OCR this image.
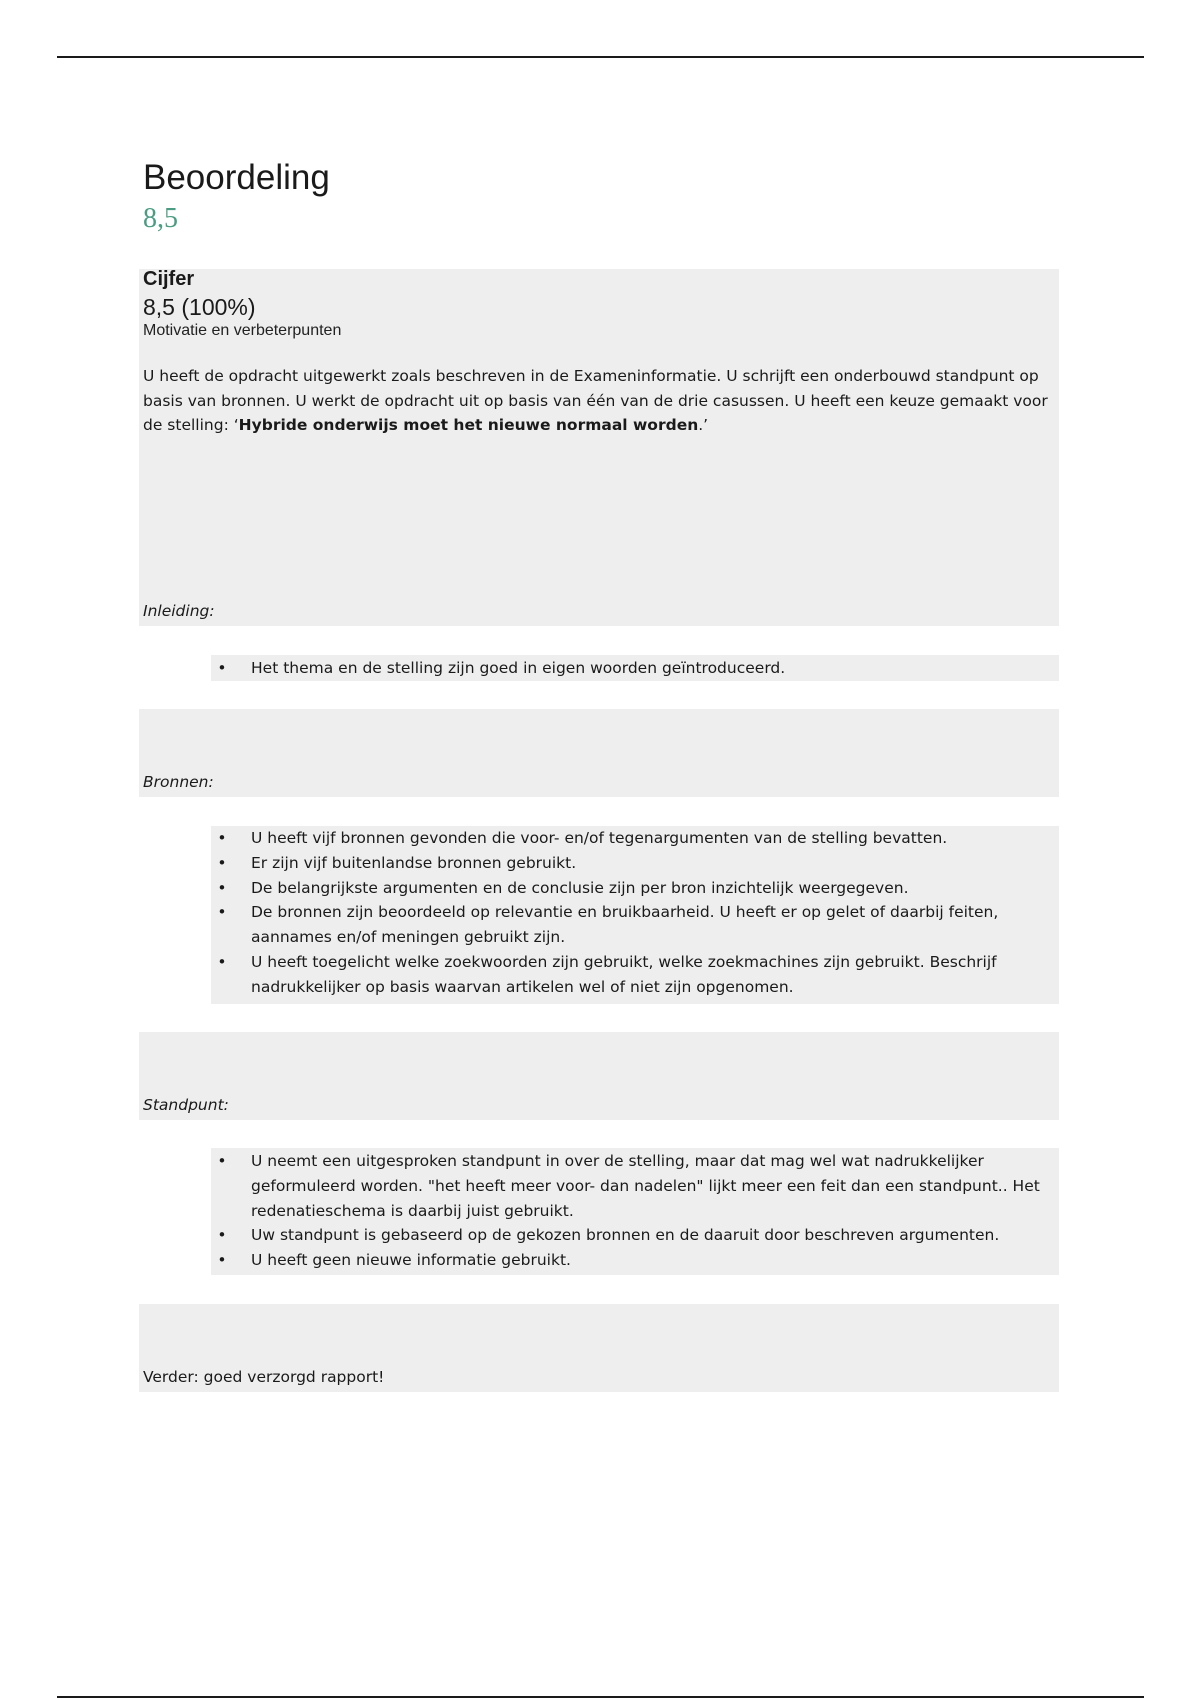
Beoordeling
8,5
Cijfer
8,5 (100%)
Motivatie en verbeterpunten

U heeft de opdracht uitgewerkt zoals beschreven in de Exameninformatie. U schrijft een onderbouwd standpunt op basis van bronnen. U werkt de opdracht uit op basis van één van de drie casussen. U heeft een keuze gemaakt voor de stelling: ‘Hybride onderwijs moet het nieuwe normaal worden.’

Inleiding:

• Het thema en de stelling zijn goed in eigen woorden geïntroduceerd.

Bronnen:

• U heeft vijf bronnen gevonden die voor- en/of tegenargumenten van de stelling bevatten.
• Er zijn vijf buitenlandse bronnen gebruikt.
• De belangrijkste argumenten en de conclusie zijn per bron inzichtelijk weergegeven.
• De bronnen zijn beoordeeld op relevantie en bruikbaarheid. U heeft er op gelet of daarbij feiten, aannames en/of meningen gebruikt zijn.
• U heeft toegelicht welke zoekwoorden zijn gebruikt, welke zoekmachines zijn gebruikt. Beschrijf nadrukkelijker op basis waarvan artikelen wel of niet zijn opgenomen.

Standpunt:

• U neemt een uitgesproken standpunt in over de stelling, maar dat mag wel wat nadrukkelijker geformuleerd worden. "het heeft meer voor- dan nadelen" lijkt meer een feit dan een standpunt.. Het redenatieschema is daarbij juist gebruikt.
• Uw standpunt is gebaseerd op de gekozen bronnen en de daaruit door beschreven argumenten.
• U heeft geen nieuwe informatie gebruikt.

Verder: goed verzorgd rapport!
